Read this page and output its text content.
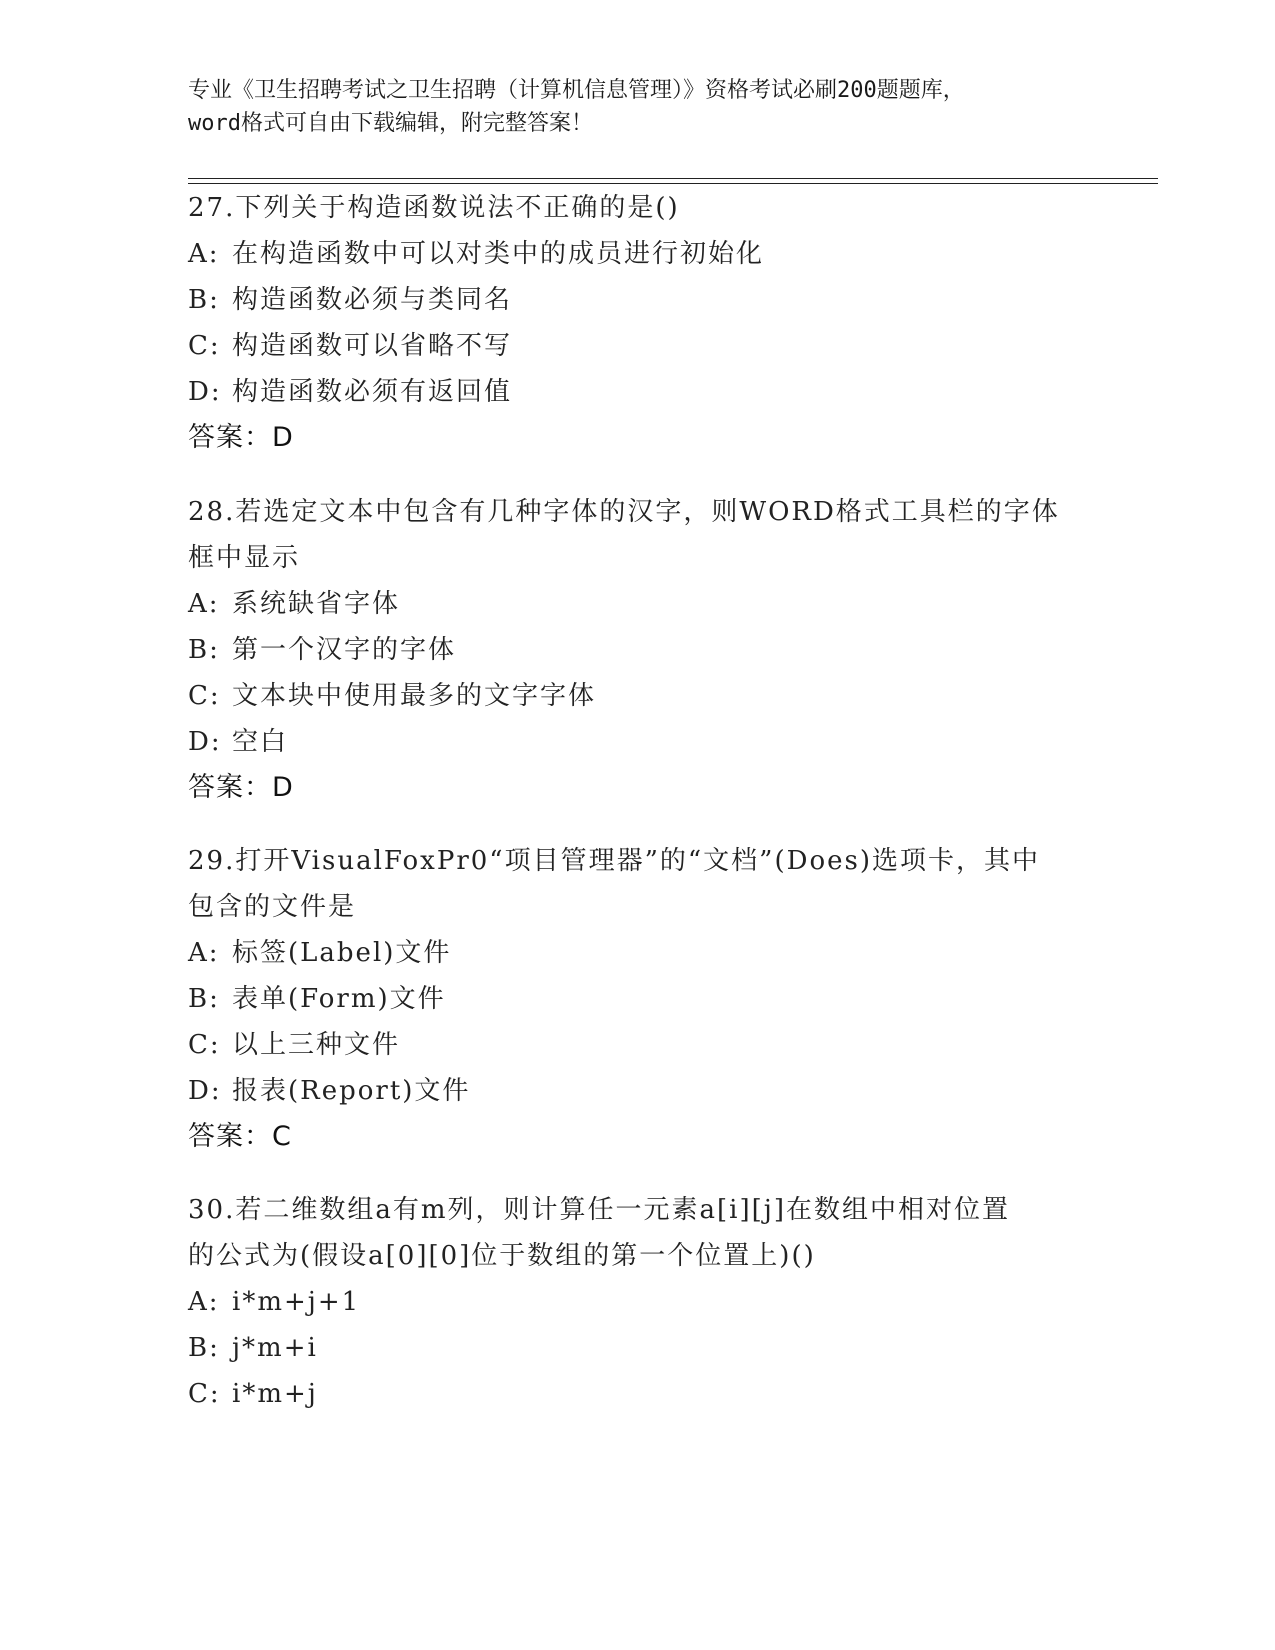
专业《卫生招聘考试之卫生招聘（计算机信息管理）》资格考试必刷200题题库，
word格式可自由下载编辑，附完整答案！

27.下列关于构造函数说法不正确的是()

A: 在构造函数中可以对类中的成员进行初始化

B: 构造函数必须与类同名

C: 构造函数可以省略不写

D: 构造函数必须有返回值

答案：D

28.若选定文本中包含有几种字体的汉字，则WORD格式工具栏的字体

框中显示

A: 系统缺省字体

B: 第一个汉字的字体

C: 文本块中使用最多的文字字体

D: 空白

答案：D

29.打开VisualFoxPr0“项目管理器”的“文档”(Does)选项卡，其中

包含的文件是

A: 标签(Label)文件

B: 表单(Form)文件

C: 以上三种文件

D: 报表(Report)文件

答案：C

30.若二维数组a有m列，则计算任一元素a[i][j]在数组中相对位置

的公式为(假设a[0][0]位于数组的第一个位置上)()

A: i*m+j+1

B: j*m+i

C: i*m+j
